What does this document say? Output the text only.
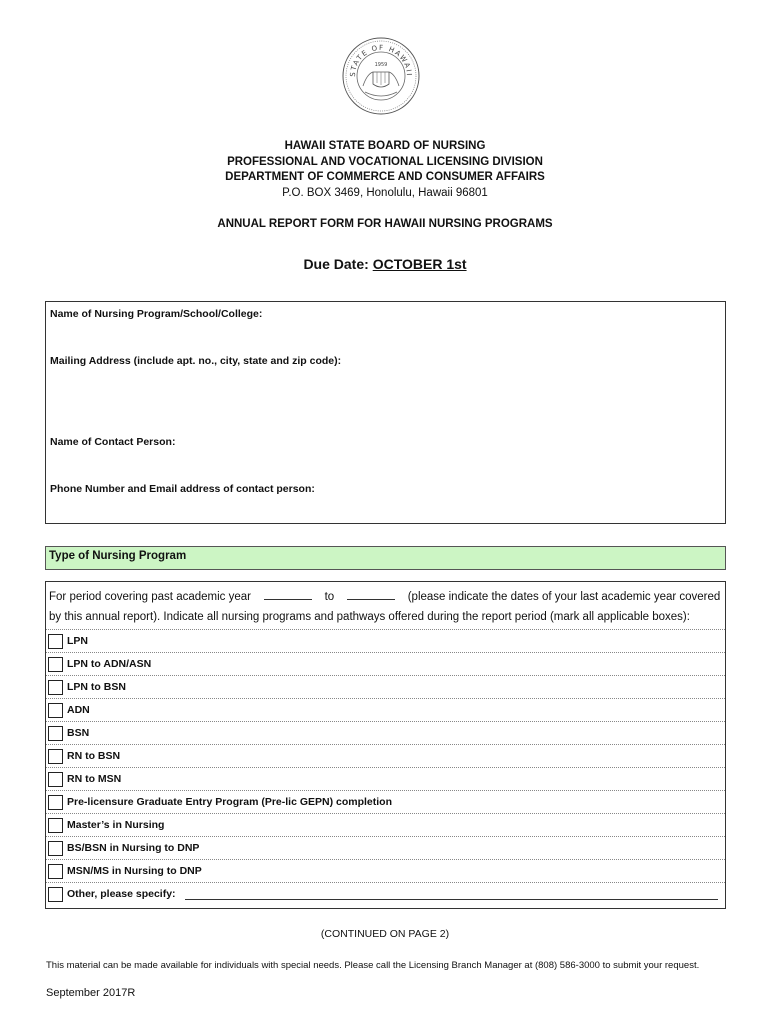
STATE OF HAWAII
1959
HAWAII STATE BOARD OF NURSING
PROFESSIONAL AND VOCATIONAL LICENSING DIVISION
DEPARTMENT OF COMMERCE AND CONSUMER AFFAIRS
P.O. BOX 3469, Honolulu, Hawaii 96801
ANNUAL REPORT FORM FOR HAWAII NURSING PROGRAMS
Due Date: OCTOBER 1st
Name of Nursing Program/School/College:
Mailing Address (include apt. no., city, state and zip code):
Name of Contact Person:
Phone Number and Email address of contact person:
Type of Nursing Program
For period covering past academic year	to	(please indicate the dates of your last academic year covered by this annual report). Indicate all nursing programs and pathways offered during the report period (mark all applicable boxes):
LPN
LPN to ADN/ASN
LPN to BSN
ADN
BSN
RN to BSN
RN to MSN
Pre-licensure Graduate Entry Program (Pre-lic GEPN) completion
Master’s in Nursing
BS/BSN in Nursing to DNP
MSN/MS in Nursing to DNP
Other, please specify:
(CONTINUED ON PAGE 2)
This material can be made available for individuals with special needs. Please call the Licensing Branch Manager at (808) 586-3000 to submit your request.
September 2017R
